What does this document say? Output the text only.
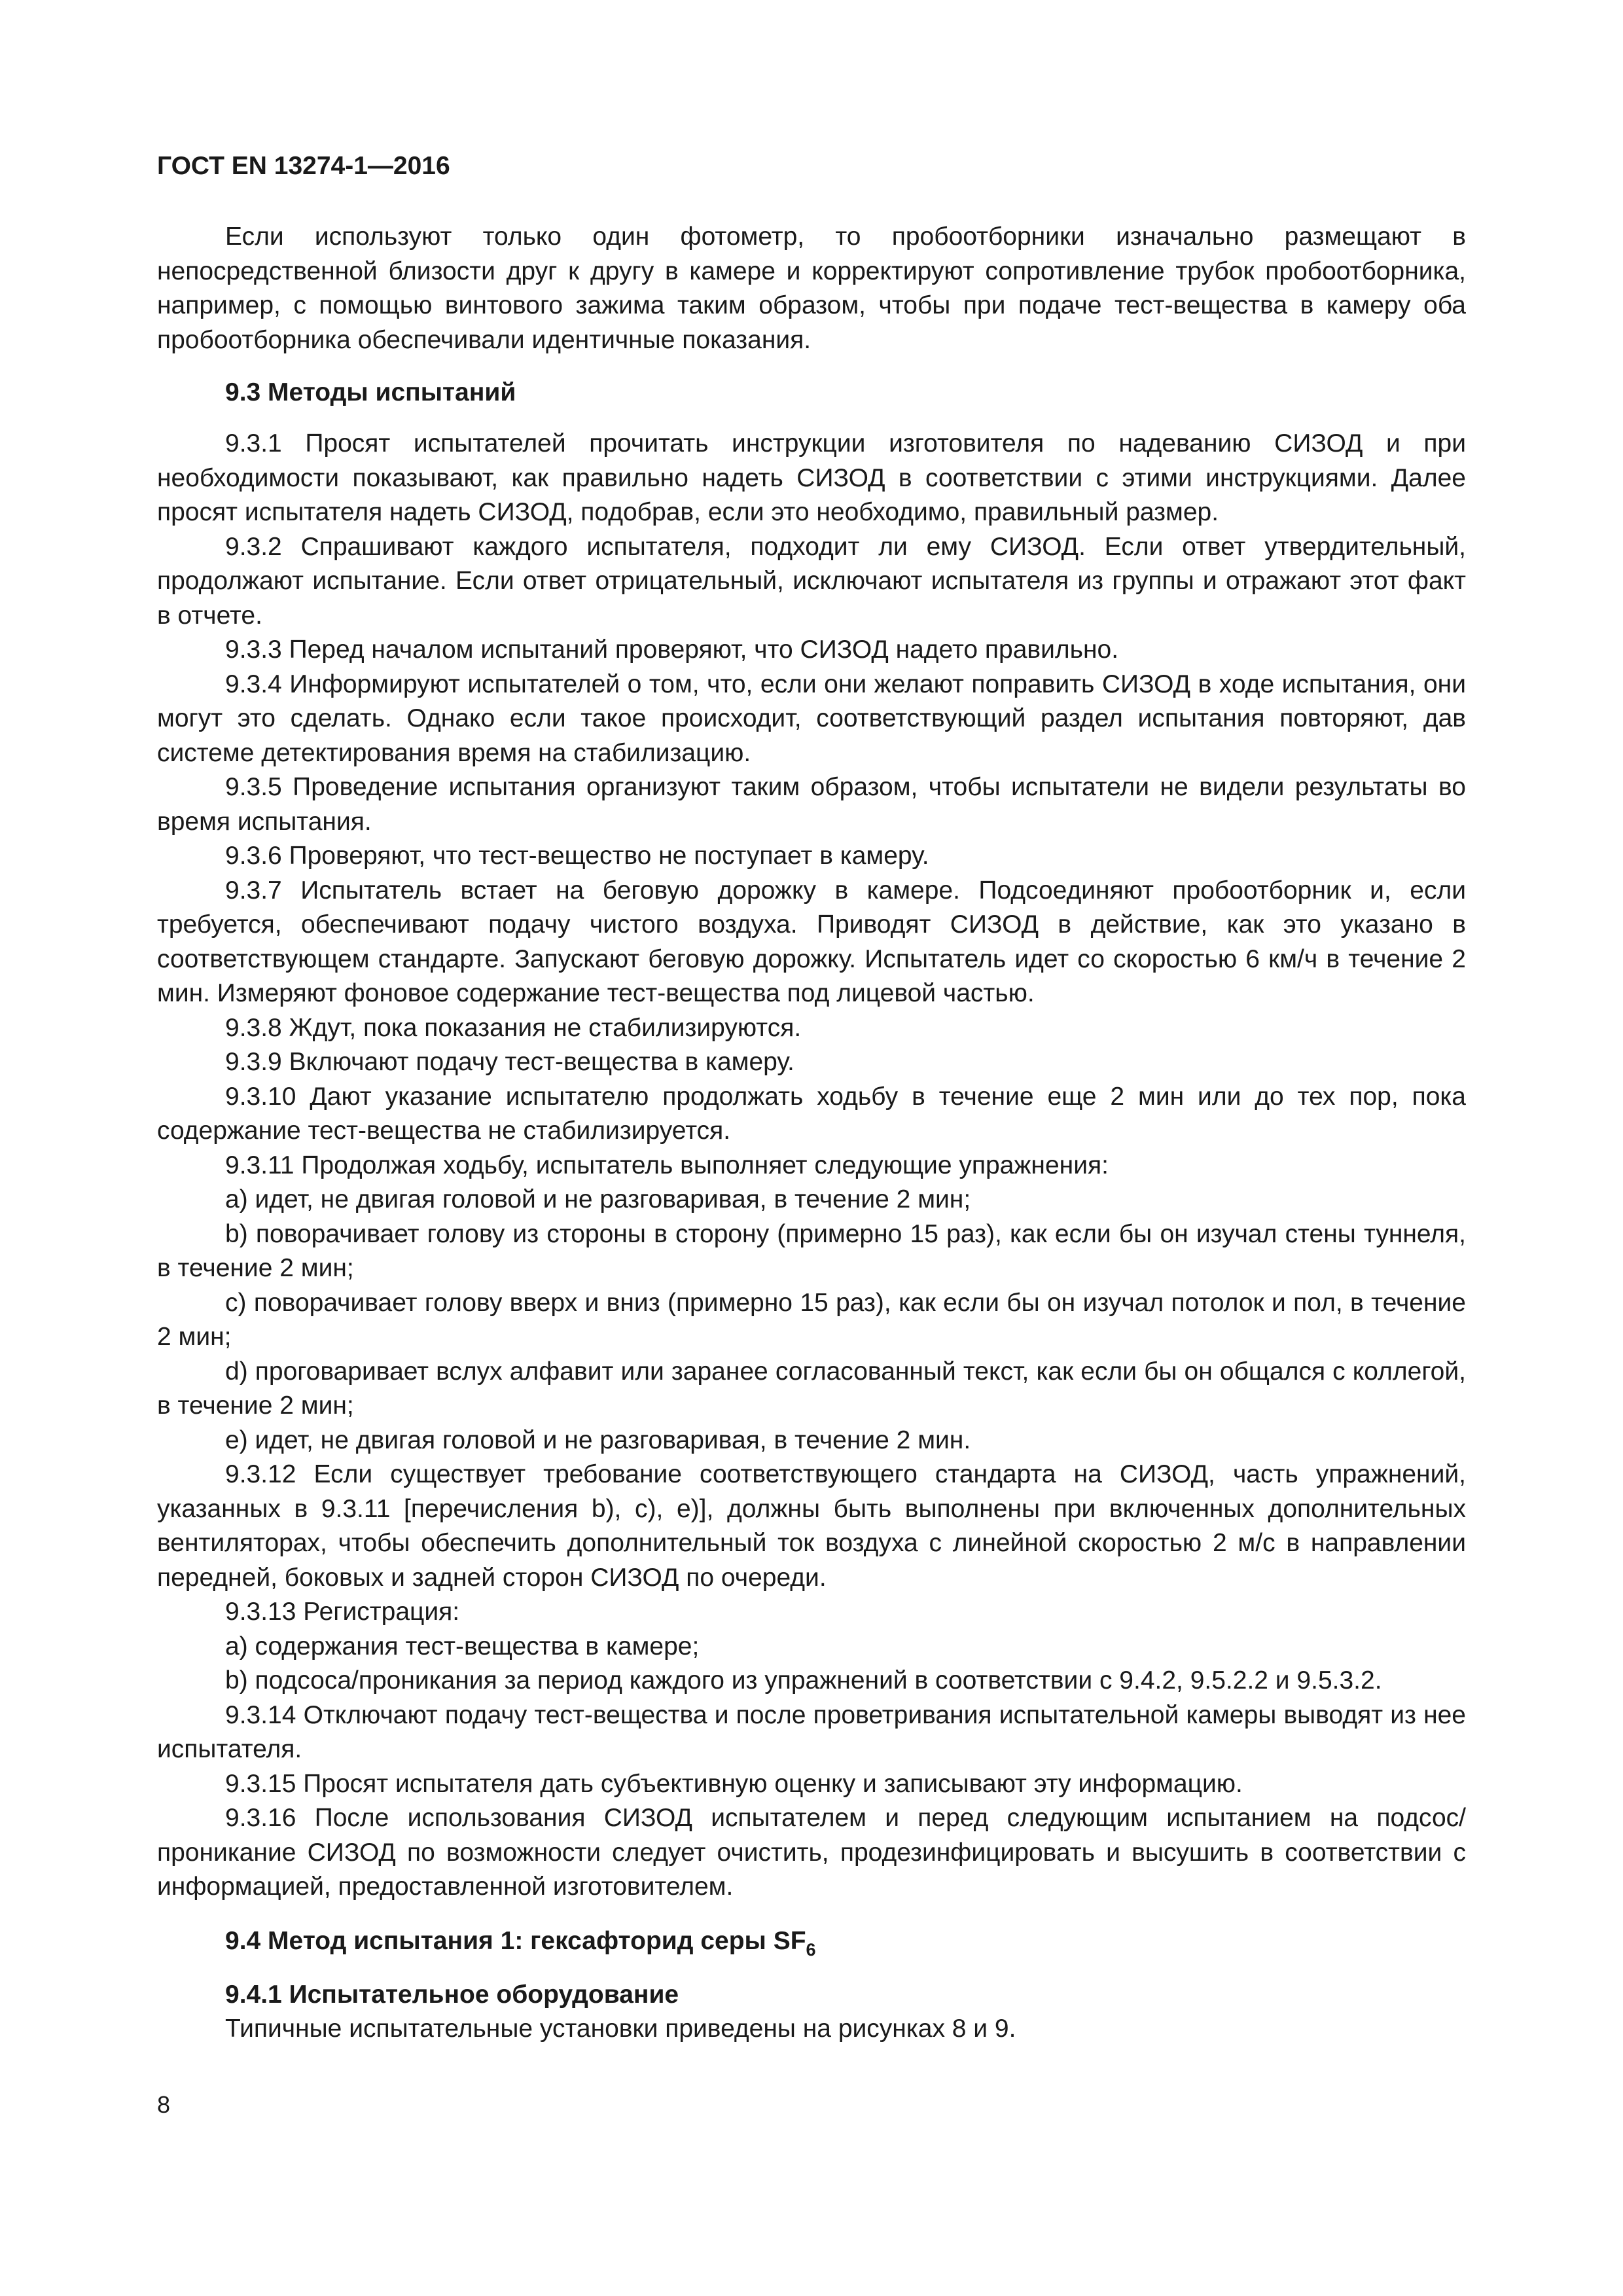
ГОСТ EN 13274-1—2016

Если используют только один фотометр, то пробоотборники изначально размещают в непосредственной близости друг к другу в камере и корректируют сопротивление трубок пробоотборника, например, с помощью винтового зажима таким образом, чтобы при подаче тест-вещества в камеру оба пробоотборника обеспечивали идентичные показания.

9.3 Методы испытаний

9.3.1 Просят испытателей прочитать инструкции изготовителя по надеванию СИЗОД и при необходимости показывают, как правильно надеть СИЗОД в соответствии с этими инструкциями. Далее просят испытателя надеть СИЗОД, подобрав, если это необходимо, правильный размер.

9.3.2 Спрашивают каждого испытателя, подходит ли ему СИЗОД. Если ответ утвердительный, продолжают испытание. Если ответ отрицательный, исключают испытателя из группы и отражают этот факт в отчете.

9.3.3 Перед началом испытаний проверяют, что СИЗОД надето правильно.

9.3.4 Информируют испытателей о том, что, если они желают поправить СИЗОД в ходе испытания, они могут это сделать. Однако если такое происходит, соответствующий раздел испытания повторяют, дав системе детектирования время на стабилизацию.

9.3.5 Проведение испытания организуют таким образом, чтобы испытатели не видели результаты во время испытания.

9.3.6 Проверяют, что тест-вещество не поступает в камеру.

9.3.7 Испытатель встает на беговую дорожку в камере. Подсоединяют пробоотборник и, если требуется, обеспечивают подачу чистого воздуха. Приводят СИЗОД в действие, как это указано в соответствующем стандарте. Запускают беговую дорожку. Испытатель идет со скоростью 6 км/ч в течение 2 мин. Измеряют фоновое содержание тест-вещества под лицевой частью.

9.3.8 Ждут, пока показания не стабилизируются.

9.3.9 Включают подачу тест-вещества в камеру.

9.3.10 Дают указание испытателю продолжать ходьбу в течение еще 2 мин или до тех пор, пока содержание тест-вещества не стабилизируется.

9.3.11 Продолжая ходьбу, испытатель выполняет следующие упражнения:

a) идет, не двигая головой и не разговаривая, в течение 2 мин;

b) поворачивает голову из стороны в сторону (примерно 15 раз), как если бы он изучал стены туннеля, в течение 2 мин;

c) поворачивает голову вверх и вниз (примерно 15 раз), как если бы он изучал потолок и пол, в течение 2 мин;

d) проговаривает вслух алфавит или заранее согласованный текст, как если бы он общался с коллегой, в течение 2 мин;

e) идет, не двигая головой и не разговаривая, в течение 2 мин.

9.3.12 Если существует требование соответствующего стандарта на СИЗОД, часть упражнений, указанных в 9.3.11 [перечисления b), c), e)], должны быть выполнены при включенных дополнительных вентиляторах, чтобы обеспечить дополнительный ток воздуха с линейной скоростью 2 м/с в направлении передней, боковых и задней сторон СИЗОД по очереди.

9.3.13 Регистрация:

a) содержания тест-вещества в камере;

b) подсоса/проникания за период каждого из упражнений в соответствии с 9.4.2, 9.5.2.2 и 9.5.3.2.

9.3.14 Отключают подачу тест-вещества и после проветривания испытательной камеры выводят из нее испытателя.

9.3.15 Просят испытателя дать субъективную оценку и записывают эту информацию.

9.3.16 После использования СИЗОД испытателем и перед следующим испытанием на подсос/проникание СИЗОД по возможности следует очистить, продезинфицировать и высушить в соответствии с информацией, предоставленной изготовителем.

9.4 Метод испытания 1: гексафторид серы $SF_6$

9.4.1 Испытательное оборудование

Типичные испытательные установки приведены на рисунках 8 и 9.

8
